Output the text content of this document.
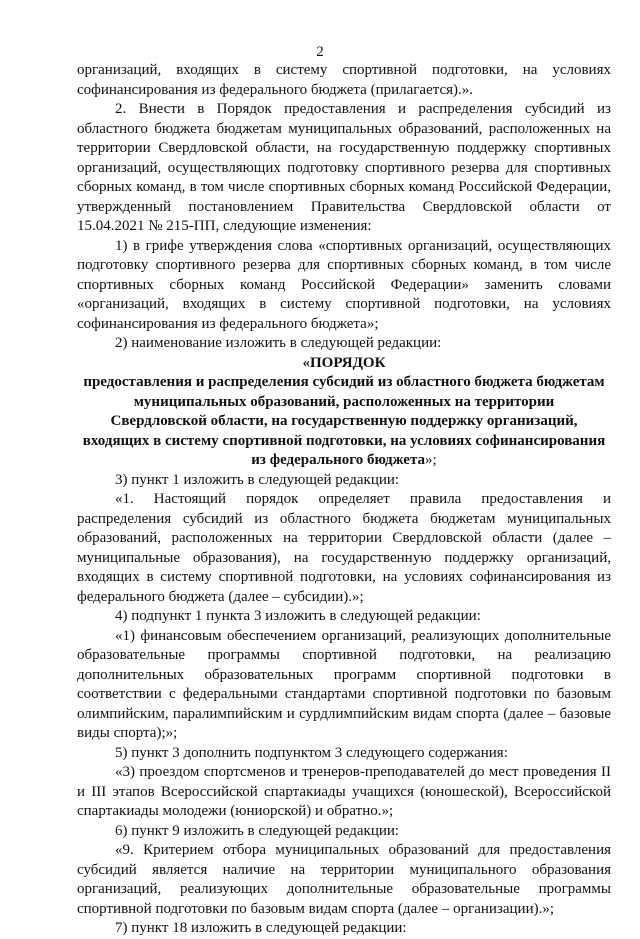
2

организаций, входящих в систему спортивной подготовки, на условиях софинансирования из федерального бюджета (прилагается).».

2. Внести в Порядок предоставления и распределения субсидий из областного бюджета бюджетам муниципальных образований, расположенных на территории Свердловской области, на государственную поддержку спортивных организаций, осуществляющих подготовку спортивного резерва для спортивных сборных команд, в том числе спортивных сборных команд Российской Федерации, утвержденный постановлением Правительства Свердловской области от 15.04.2021 № 215-ПП, следующие изменения:

1) в грифе утверждения слова «спортивных организаций, осуществляющих подготовку спортивного резерва для спортивных сборных команд, в том числе спортивных сборных команд Российской Федерации» заменить словами «организаций, входящих в систему спортивной подготовки, на условиях софинансирования из федерального бюджета»;

2) наименование изложить в следующей редакции:

«ПОРЯДОК
предоставления и распределения субсидий из областного бюджета бюджетам
муниципальных образований, расположенных на территории
Свердловской области, на государственную поддержку организаций,
входящих в систему спортивной подготовки, на условиях софинансирования
из федерального бюджета»;

3) пункт 1 изложить в следующей редакции:

«1. Настоящий порядок определяет правила предоставления и распределения субсидий из областного бюджета бюджетам муниципальных образований, расположенных на территории Свердловской области (далее – муниципальные образования), на государственную поддержку организаций, входящих в систему спортивной подготовки, на условиях софинансирования из федерального бюджета (далее – субсидии).»;

4) подпункт 1 пункта 3 изложить в следующей редакции:

«1) финансовым обеспечением организаций, реализующих дополнительные образовательные программы спортивной подготовки, на реализацию дополнительных образовательных программ спортивной подготовки в соответствии с федеральными стандартами спортивной подготовки по базовым олимпийским, паралимпийским и сурдлимпийским видам спорта (далее – базовые виды спорта);»;

5) пункт 3 дополнить подпунктом 3 следующего содержания:

«3) проездом спортсменов и тренеров-преподавателей до мест проведения II и III этапов Всероссийской спартакиады учащихся (юношеской), Всероссийской спартакиады молодежи (юниорской) и обратно.»;

6) пункт 9 изложить в следующей редакции:

«9. Критерием отбора муниципальных образований для предоставления субсидий является наличие на территории муниципального образования организаций, реализующих дополнительные образовательные программы спортивной подготовки по базовым видам спорта (далее – организации).»;

7) пункт 18 изложить в следующей редакции:
